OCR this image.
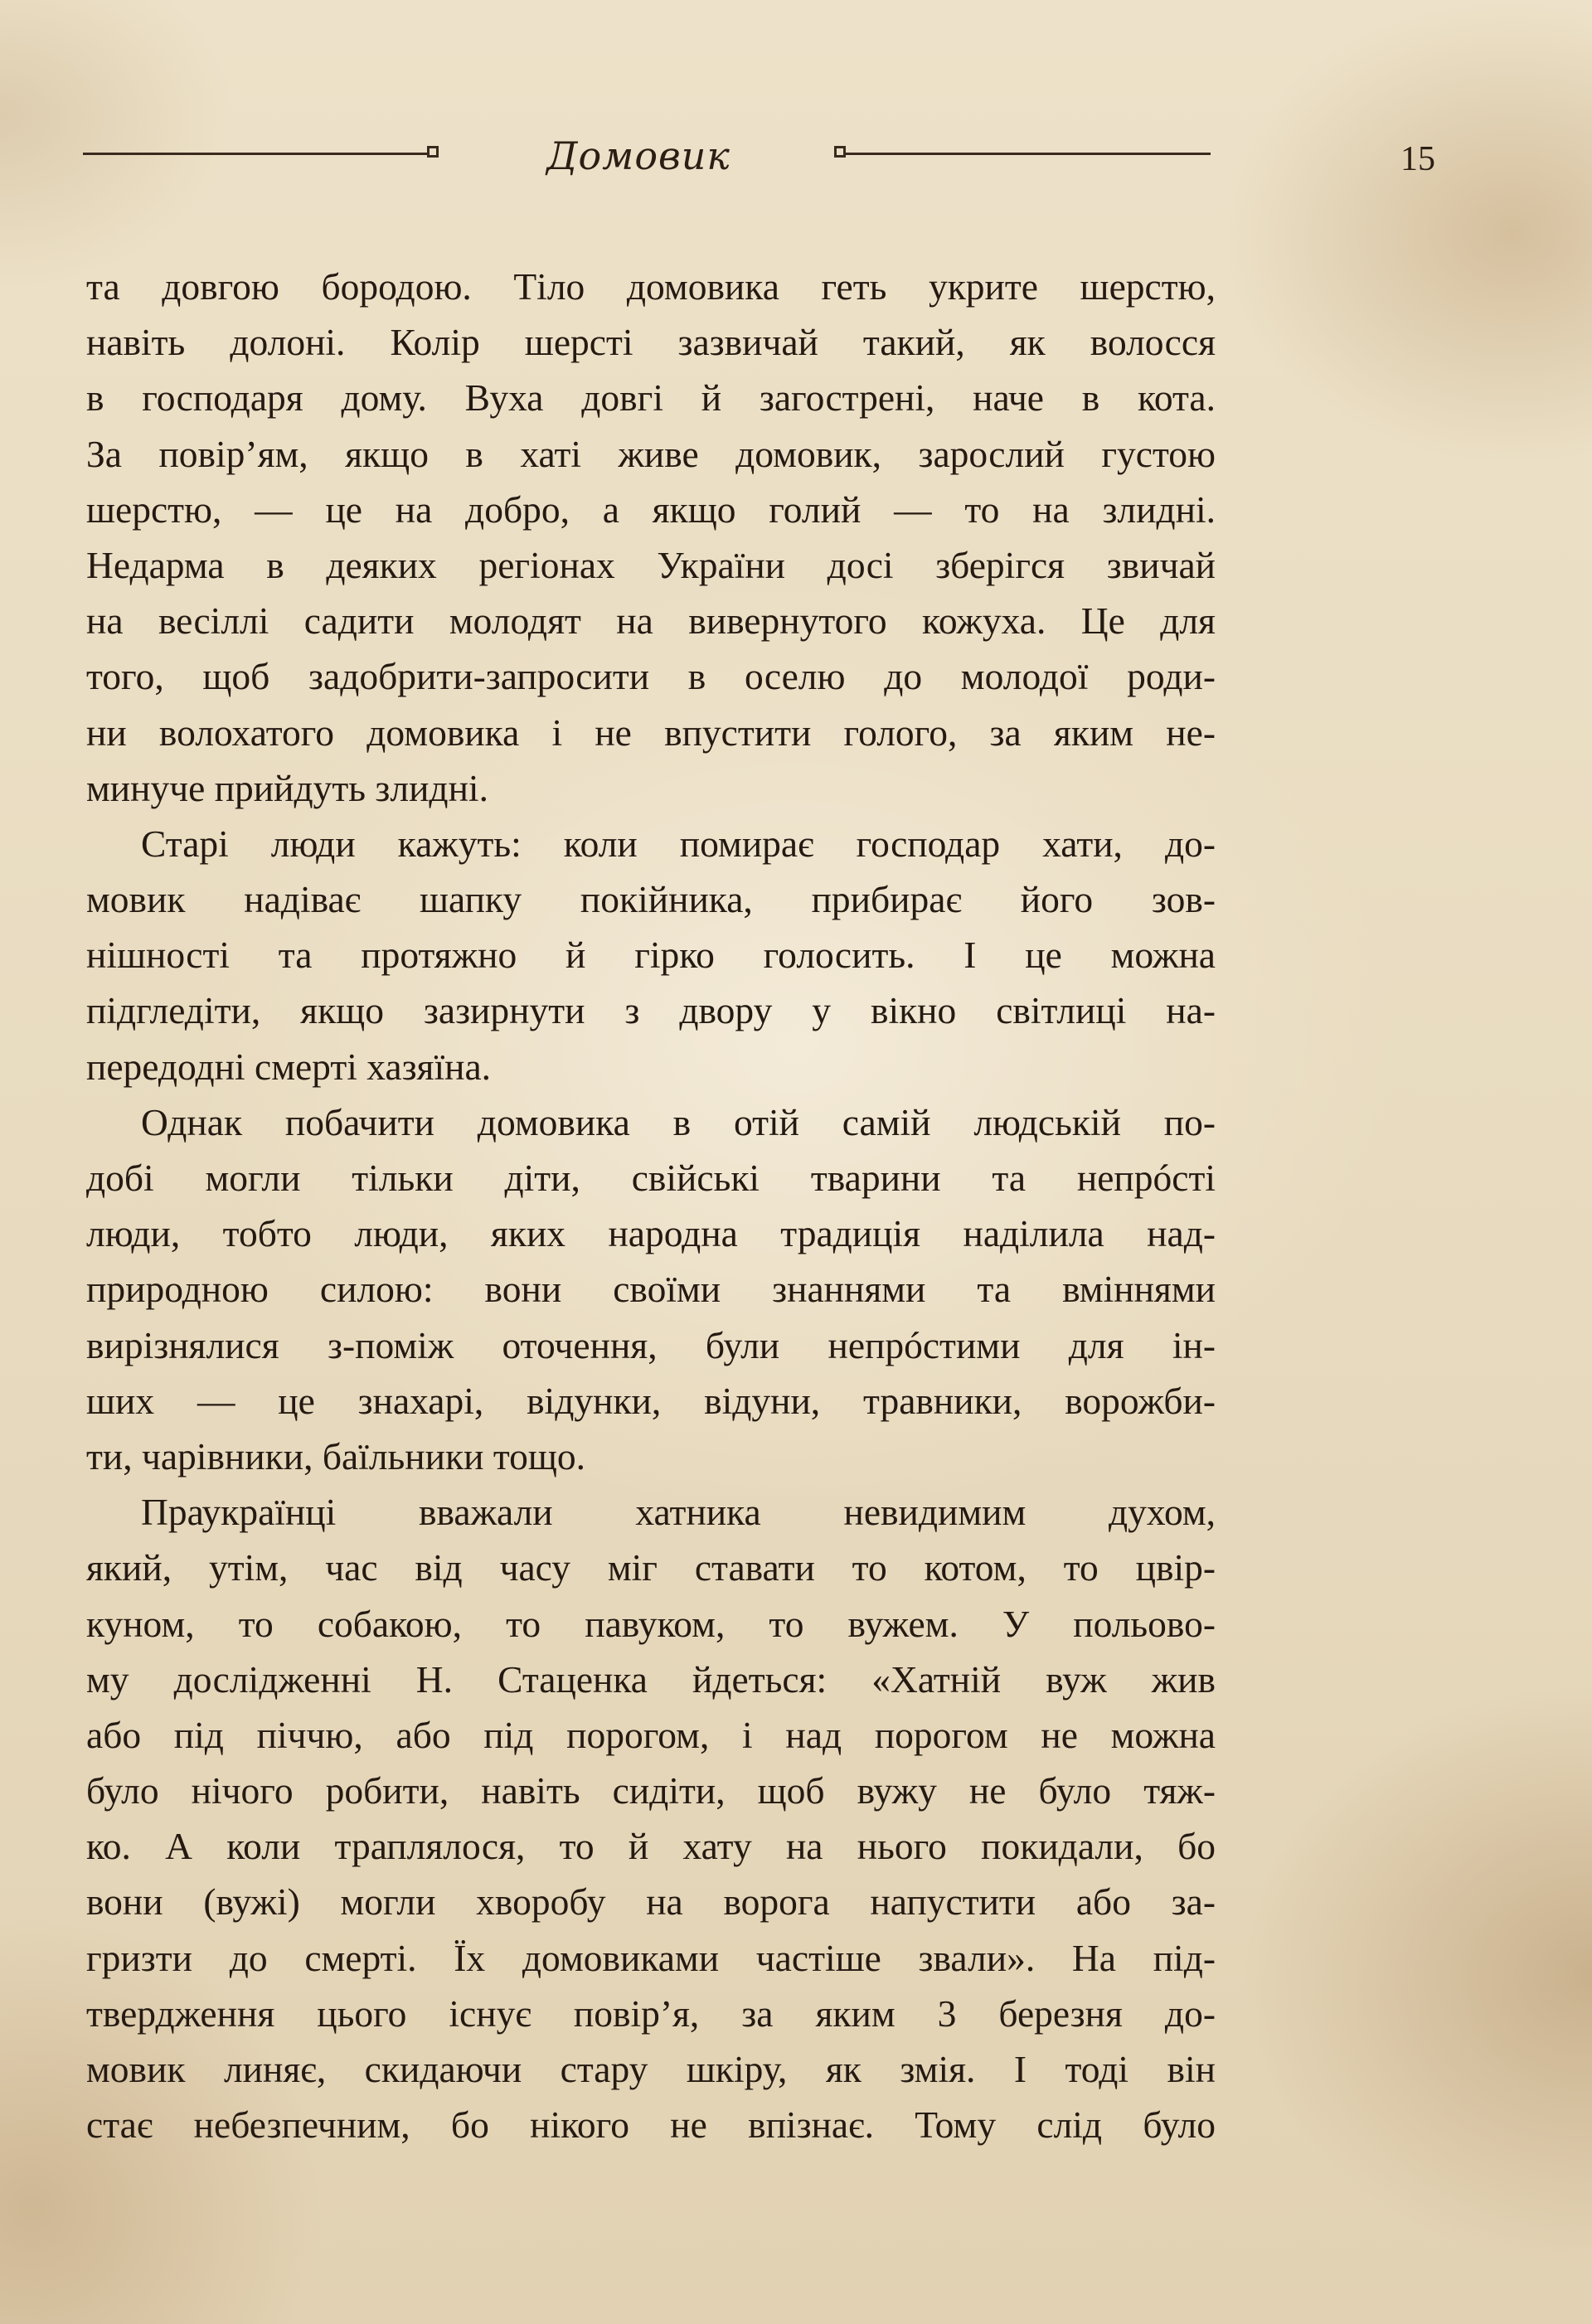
Домовик	15
та довгою бородою. Тіло домовика геть укрите шерстю,
навіть долоні. Колір шерсті зазвичай такий, як волосся
в господаря дому. Вуха довгі й загострені, наче в кота.
За повір’ям, якщо в хаті живе домовик, зарослий густою
шерстю, — це на добро, а якщо голий — то на злидні.
Недарма в деяких регіонах України досі зберігся звичай
на весіллі садити молодят на вивернутого кожуха. Це для
того, щоб задобрити-запросити в оселю до молодої роди-
ни волохатого домовика і не впустити голого, за яким не-
минуче прийдуть злидні.
Старі люди кажуть: коли помирає господар хати, до-
мовик надіває шапку покійника, прибирає його зов-
нішності та протяжно й гірко голосить. І це можна
підгледіти, якщо зазирнути з двору у вікно світлиці на-
передодні смерті хазяїна.
Однак побачити домовика в отій самій людській по-
добі могли тільки діти, свійські тварини та непрóсті
люди, тобто люди, яких народна традиція наділила над-
природною силою: вони своїми знаннями та вміннями
вирізнялися з-поміж оточення, були непрóстими для ін-
ших — це знахарі, відунки, відуни, травники, ворожби-
ти, чарівники, баїльники тощо.
Праукраїнці вважали хатника невидимим духом,
який, утім, час від часу міг ставати то котом, то цвір-
куном, то собакою, то павуком, то вужем. У польово-
му дослідженні Н. Стаценка йдеться: «Хатній вуж жив
або під піччю, або під порогом, і над порогом не можна
було нічого робити, навіть сидіти, щоб вужу не було тяж-
ко. А коли траплялося, то й хату на нього покидали, бо
вони (вужі) могли хворобу на ворога напустити або за-
гризти до смерті. Їх домовиками частіше звали». На під-
твердження цього існує повір’я, за яким 3 березня до-
мовик линяє, скидаючи стару шкіру, як змія. І тоді він
стає небезпечним, бо нікого не впізнає. Тому слід було
